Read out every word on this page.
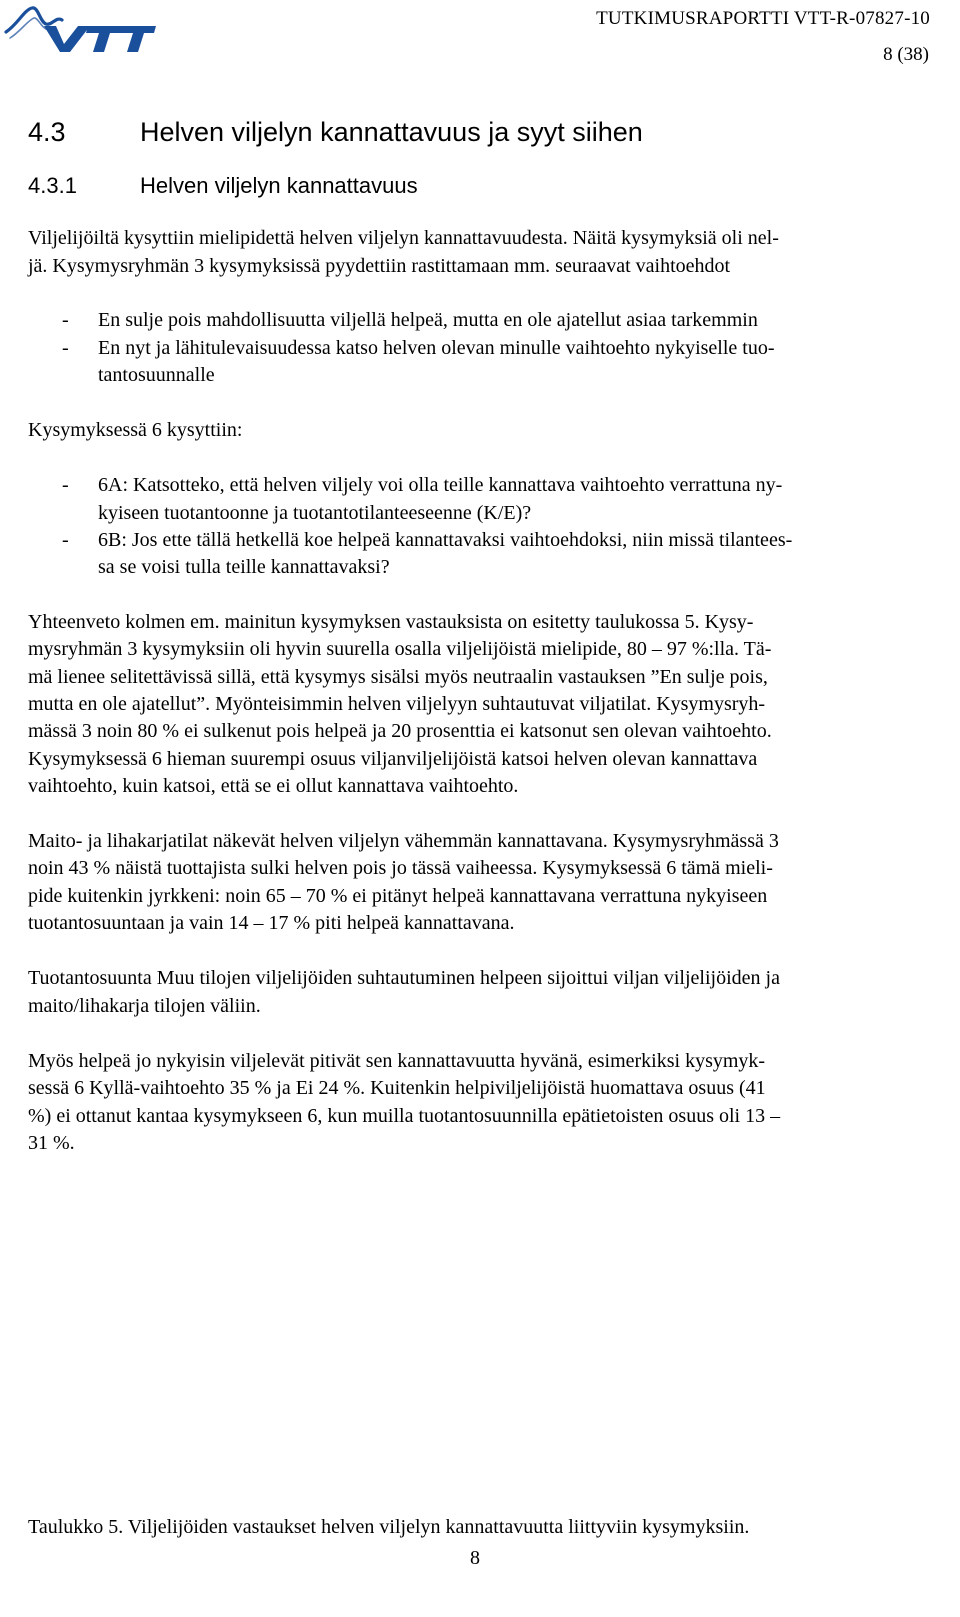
TUTKIMUSRAPORTTI VTT-R-07827-10
8 (38)
4.3	Helven viljelyn kannattavuus ja syyt siihen
4.3.1	Helven viljelyn kannattavuus
Viljelijöiltä kysyttiin mielipidettä helven viljelyn kannattavuudesta. Näitä kysymyksiä oli nel-
jä. Kysymysryhmän 3 kysymyksissä pyydettiin rastittamaan mm. seuraavat vaihtoehdot
- En sulje pois mahdollisuutta viljellä helpeä, mutta en ole ajatellut asiaa tarkemmin
- En nyt ja lähitulevaisuudessa katso helven olevan minulle vaihtoehto nykyiselle tuo-
tantosuunnalle
Kysymyksessä 6 kysyttiin:
- 6A: Katsotteko, että helven viljely voi olla teille kannattava vaihtoehto verrattuna ny-
kyiseen tuotantoonne ja tuotantotilanteeseenne (K/E)?
- 6B: Jos ette tällä hetkellä koe helpeä kannattavaksi vaihtoehdoksi, niin missä tilantees-
sa se voisi tulla teille kannattavaksi?
Yhteenveto kolmen em. mainitun kysymyksen vastauksista on esitetty taulukossa 5. Kysy-
mysryhmän 3 kysymyksiin oli hyvin suurella osalla viljelijöistä mielipide, 80 – 97 %:lla. Tä-
mä lienee selitettävissä sillä, että kysymys sisälsi myös neutraalin vastauksen ”En sulje pois,
mutta en ole ajatellut”. Myönteisimmin helven viljelyyn suhtautuvat viljatilat. Kysymysryh-
mässä 3 noin 80 % ei sulkenut pois helpeä ja 20 prosenttia ei katsonut sen olevan vaihtoehto.
Kysymyksessä 6 hieman suurempi osuus viljanviljelijöistä katsoi helven olevan kannattava
vaihtoehto, kuin katsoi, että se ei ollut kannattava vaihtoehto.
Maito- ja lihakarjatilat näkevät helven viljelyn vähemmän kannattavana. Kysymysryhmässä 3
noin 43 % näistä tuottajista sulki helven pois jo tässä vaiheessa. Kysymyksessä 6 tämä mieli-
pide kuitenkin jyrkkeni: noin 65 – 70 % ei pitänyt helpeä kannattavana verrattuna nykyiseen
tuotantosuuntaan ja vain 14 – 17 % piti helpeä kannattavana.
Tuotantosuunta Muu tilojen viljelijöiden suhtautuminen helpeen sijoittui viljan viljelijöiden ja
maito/lihakarja tilojen väliin.
Myös helpeä jo nykyisin viljelevät pitivät sen kannattavuutta hyvänä, esimerkiksi kysymyk-
sessä 6 Kyllä-vaihtoehto 35 % ja Ei 24 %. Kuitenkin helpiviljelijöistä huomattava osuus (41
%) ei ottanut kantaa kysymykseen 6, kun muilla tuotantosuunnilla epätietoisten osuus oli 13 –
31 %.
Taulukko 5. Viljelijöiden vastaukset helven viljelyn kannattavuutta liittyviin kysymyksiin.
8
